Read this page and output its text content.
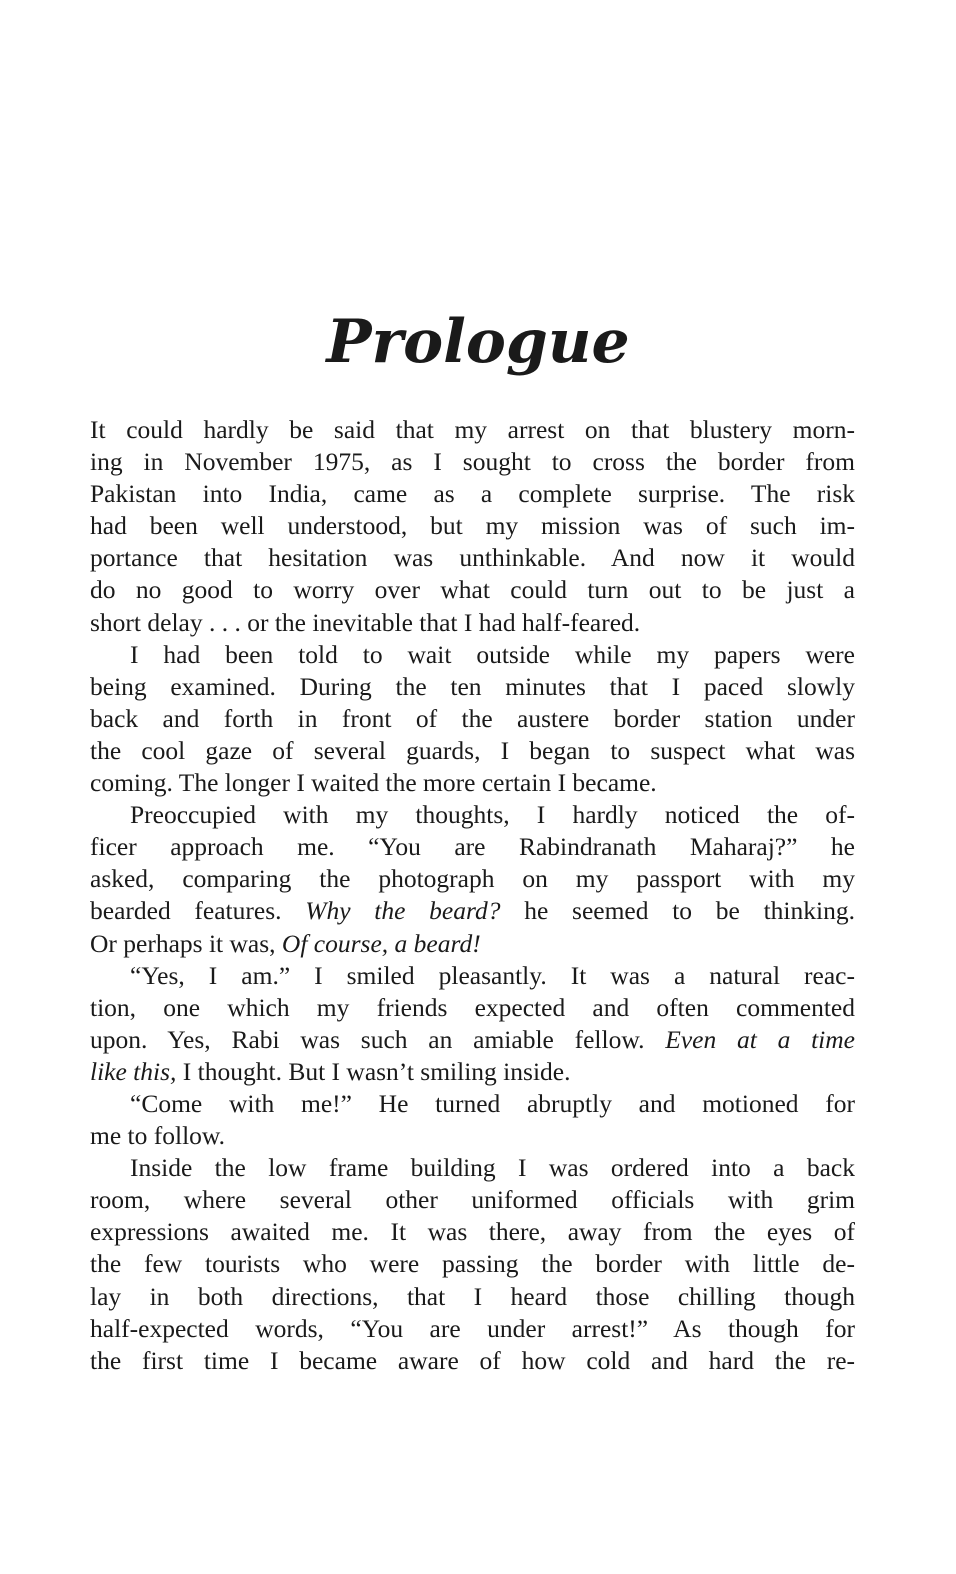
Prologue
It could hardly be said that my arrest on that blustery morn-
ing in November 1975, as I sought to cross the border from
Pakistan into India, came as a complete surprise. The risk
had been well understood, but my mission was of such im-
portance that hesitation was unthinkable. And now it would
do no good to worry over what could turn out to be just a
short delay . . . or the inevitable that I had half-feared.
I had been told to wait outside while my papers were
being examined. During the ten minutes that I paced slowly
back and forth in front of the austere border station under
the cool gaze of several guards, I began to suspect what was
coming. The longer I waited the more certain I became.
Preoccupied with my thoughts, I hardly noticed the of-
ficer approach me. “You are Rabindranath Maharaj?” he
asked, comparing the photograph on my passport with my
bearded features. Why the beard? he seemed to be thinking.
Or perhaps it was, Of course, a beard!
“Yes, I am.” I smiled pleasantly. It was a natural reac-
tion, one which my friends expected and often commented
upon. Yes, Rabi was such an amiable fellow. Even at a time
like this, I thought. But I wasn’t smiling inside.
“Come with me!” He turned abruptly and motioned for
me to follow.
Inside the low frame building I was ordered into a back
room, where several other uniformed officials with grim
expressions awaited me. It was there, away from the eyes of
the few tourists who were passing the border with little de-
lay in both directions, that I heard those chilling though
half-expected words, “You are under arrest!” As though for
the first time I became aware of how cold and hard the re-
